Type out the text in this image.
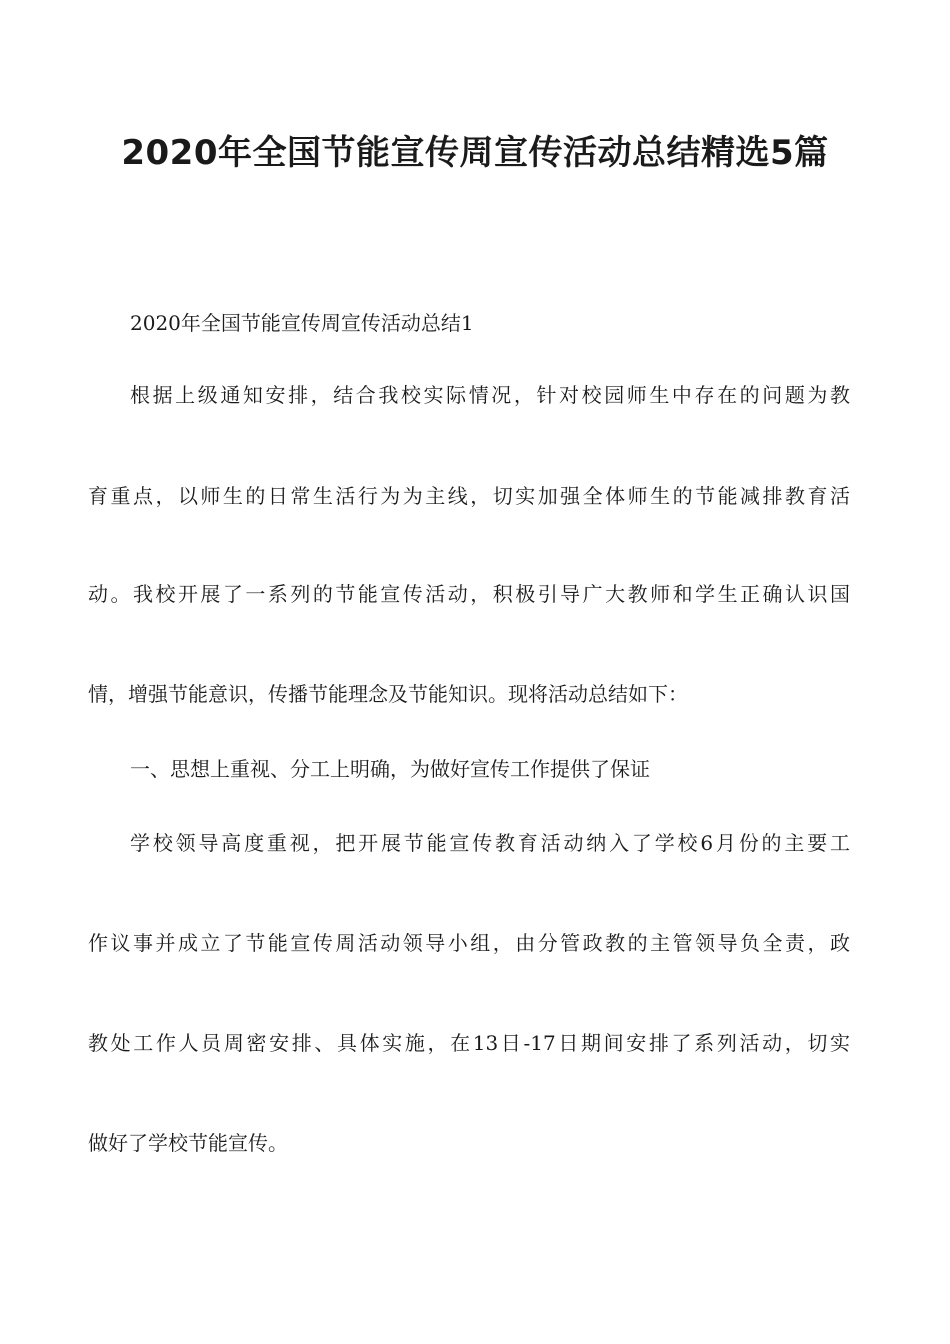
2020年全国节能宣传周宣传活动总结精选5篇

2020年全国节能宣传周宣传活动总结1

根据上级通知安排，结合我校实际情况，针对校园师生中存在的问题为教

育重点，以师生的日常生活行为为主线，切实加强全体师生的节能减排教育活

动。我校开展了一系列的节能宣传活动，积极引导广大教师和学生正确认识国

情，增强节能意识，传播节能理念及节能知识。现将活动总结如下：

一、思想上重视、分工上明确，为做好宣传工作提供了保证

学校领导高度重视，把开展节能宣传教育活动纳入了学校6月份的主要工

作议事并成立了节能宣传周活动领导小组，由分管政教的主管领导负全责，政

教处工作人员周密安排、具体实施，在13日-17日期间安排了系列活动，切实

做好了学校节能宣传。
